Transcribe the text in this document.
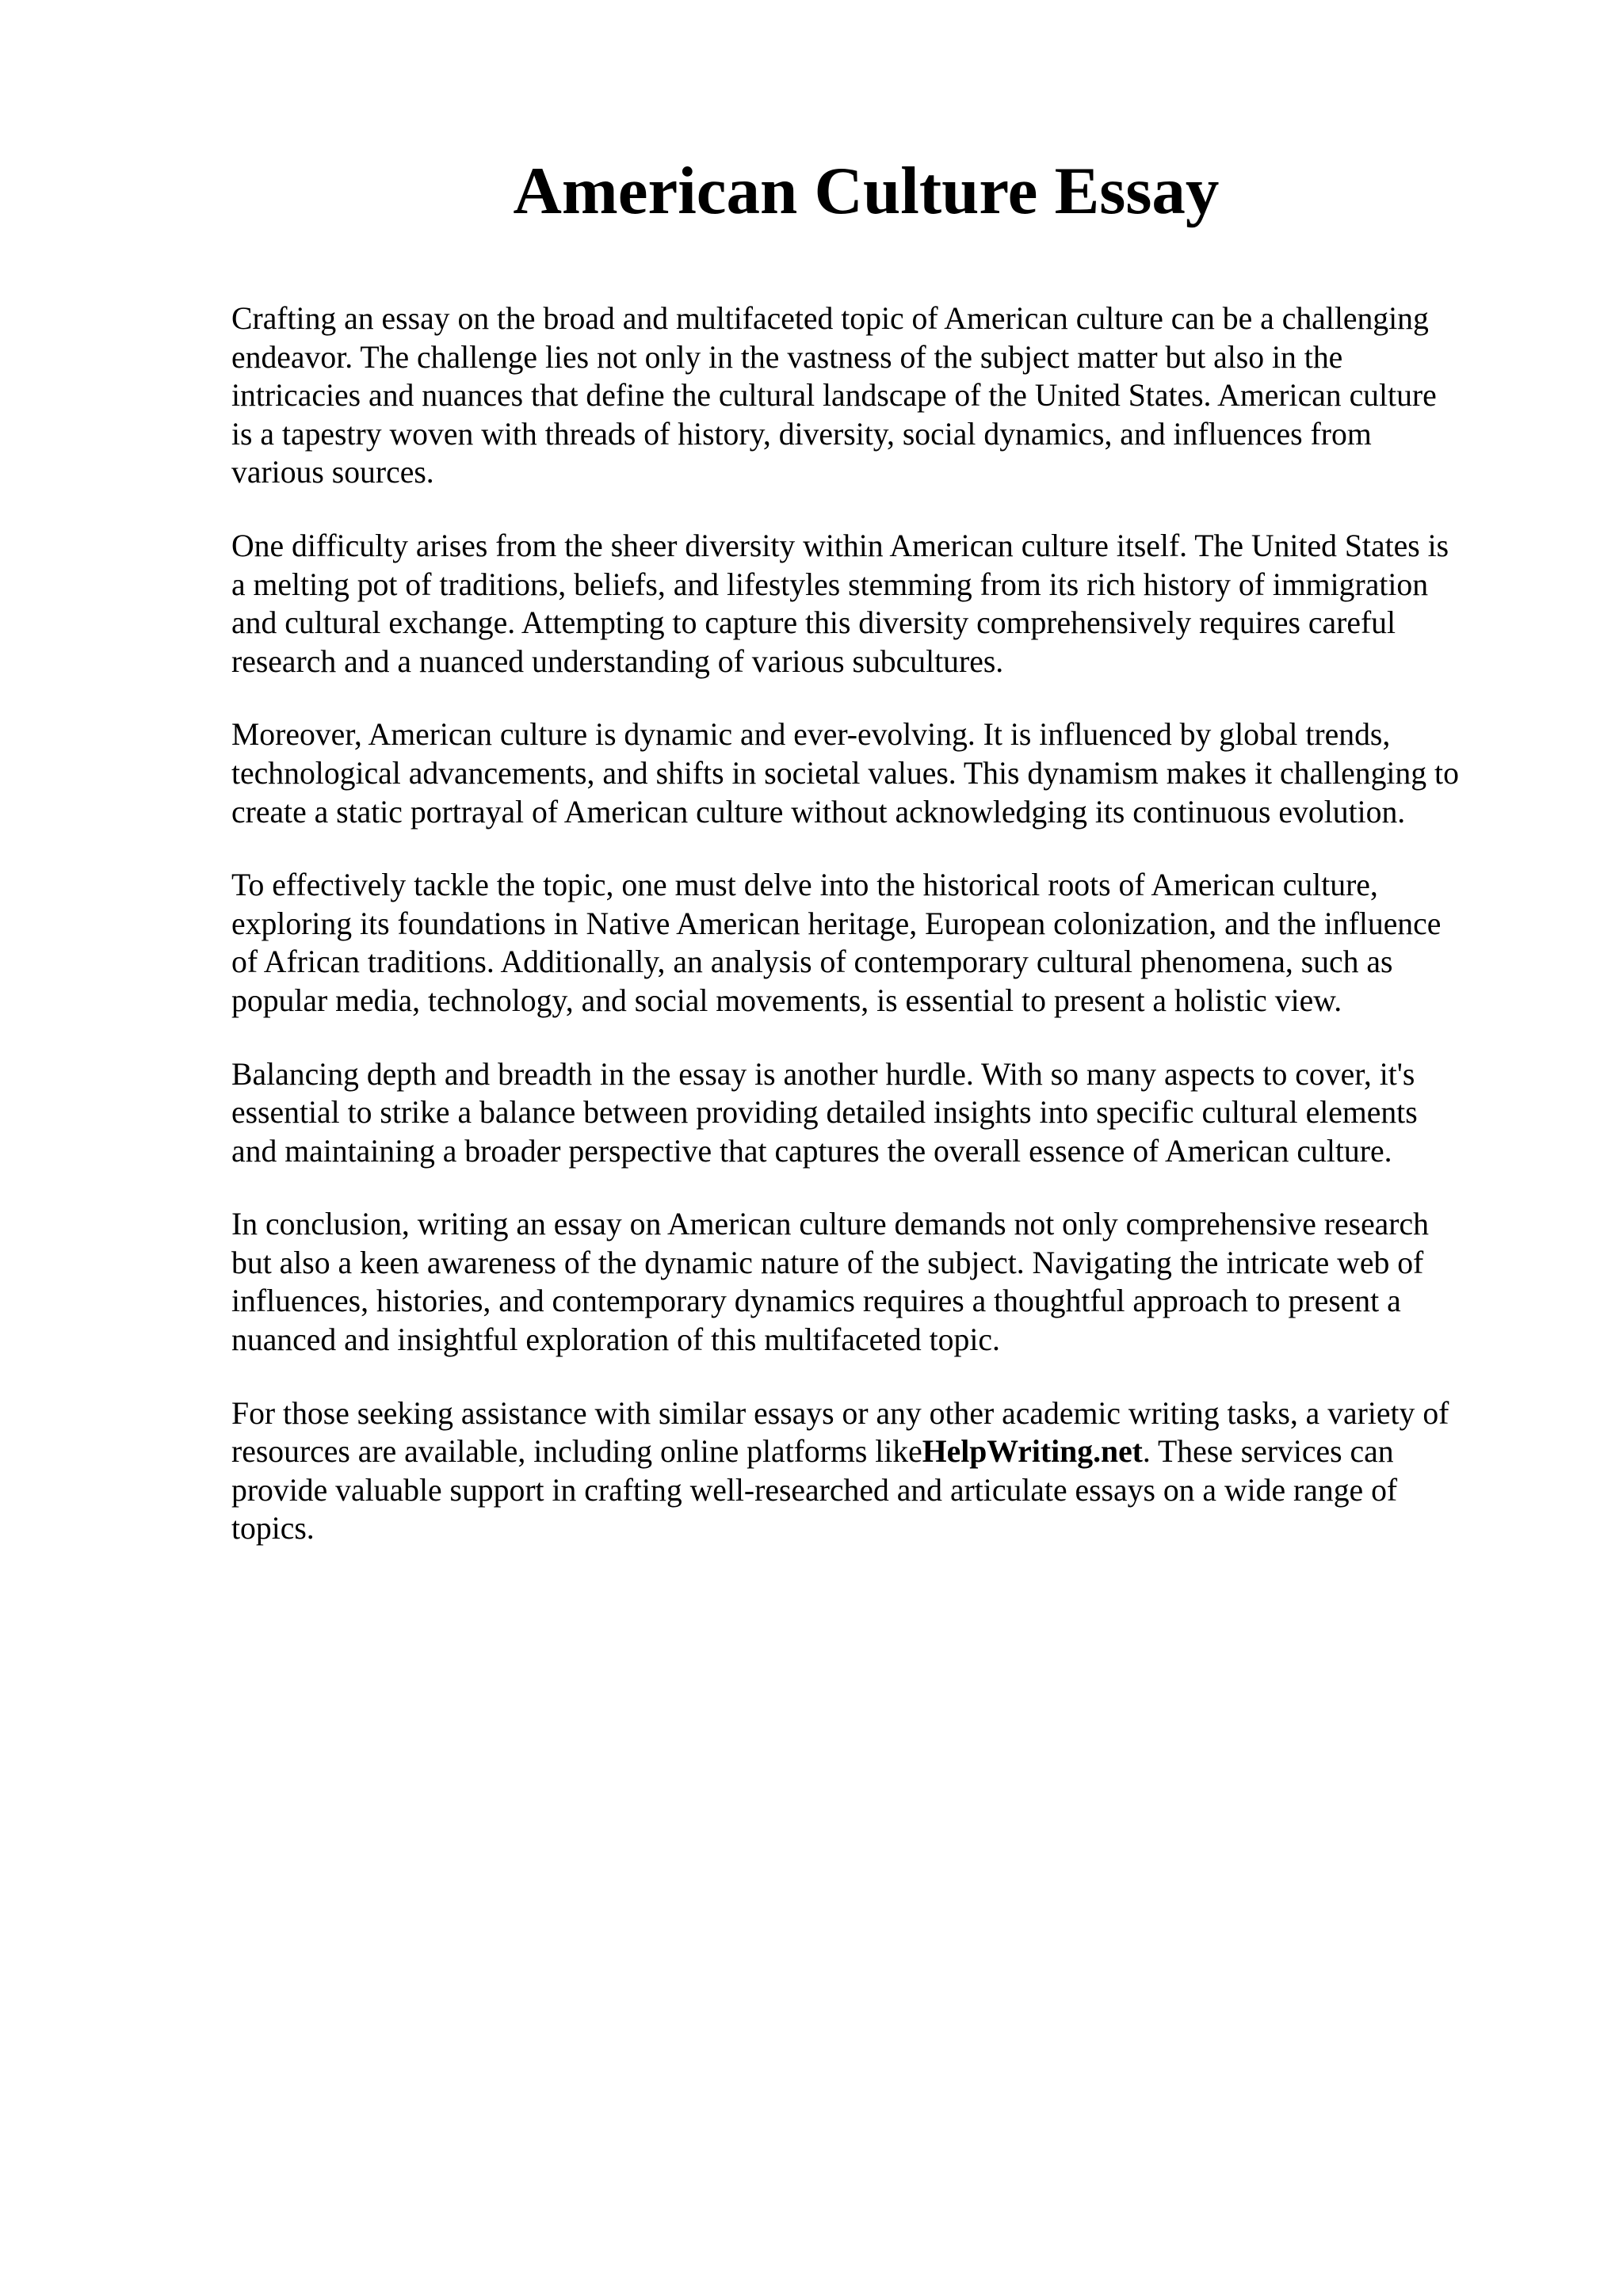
American Culture Essay

Crafting an essay on the broad and multifaceted topic of American culture can be a challenging
endeavor. The challenge lies not only in the vastness of the subject matter but also in the
intricacies and nuances that define the cultural landscape of the United States. American culture
is a tapestry woven with threads of history, diversity, social dynamics, and influences from
various sources.

One difficulty arises from the sheer diversity within American culture itself. The United States is
a melting pot of traditions, beliefs, and lifestyles stemming from its rich history of immigration
and cultural exchange. Attempting to capture this diversity comprehensively requires careful
research and a nuanced understanding of various subcultures.

Moreover, American culture is dynamic and ever-evolving. It is influenced by global trends,
technological advancements, and shifts in societal values. This dynamism makes it challenging to
create a static portrayal of American culture without acknowledging its continuous evolution.

To effectively tackle the topic, one must delve into the historical roots of American culture,
exploring its foundations in Native American heritage, European colonization, and the influence
of African traditions. Additionally, an analysis of contemporary cultural phenomena, such as
popular media, technology, and social movements, is essential to present a holistic view.

Balancing depth and breadth in the essay is another hurdle. With so many aspects to cover, it's
essential to strike a balance between providing detailed insights into specific cultural elements
and maintaining a broader perspective that captures the overall essence of American culture.

In conclusion, writing an essay on American culture demands not only comprehensive research
but also a keen awareness of the dynamic nature of the subject. Navigating the intricate web of
influences, histories, and contemporary dynamics requires a thoughtful approach to present a
nuanced and insightful exploration of this multifaceted topic.

For those seeking assistance with similar essays or any other academic writing tasks, a variety of
resources are available, including online platforms likeHelpWriting.net. These services can
provide valuable support in crafting well-researched and articulate essays on a wide range of
topics.
